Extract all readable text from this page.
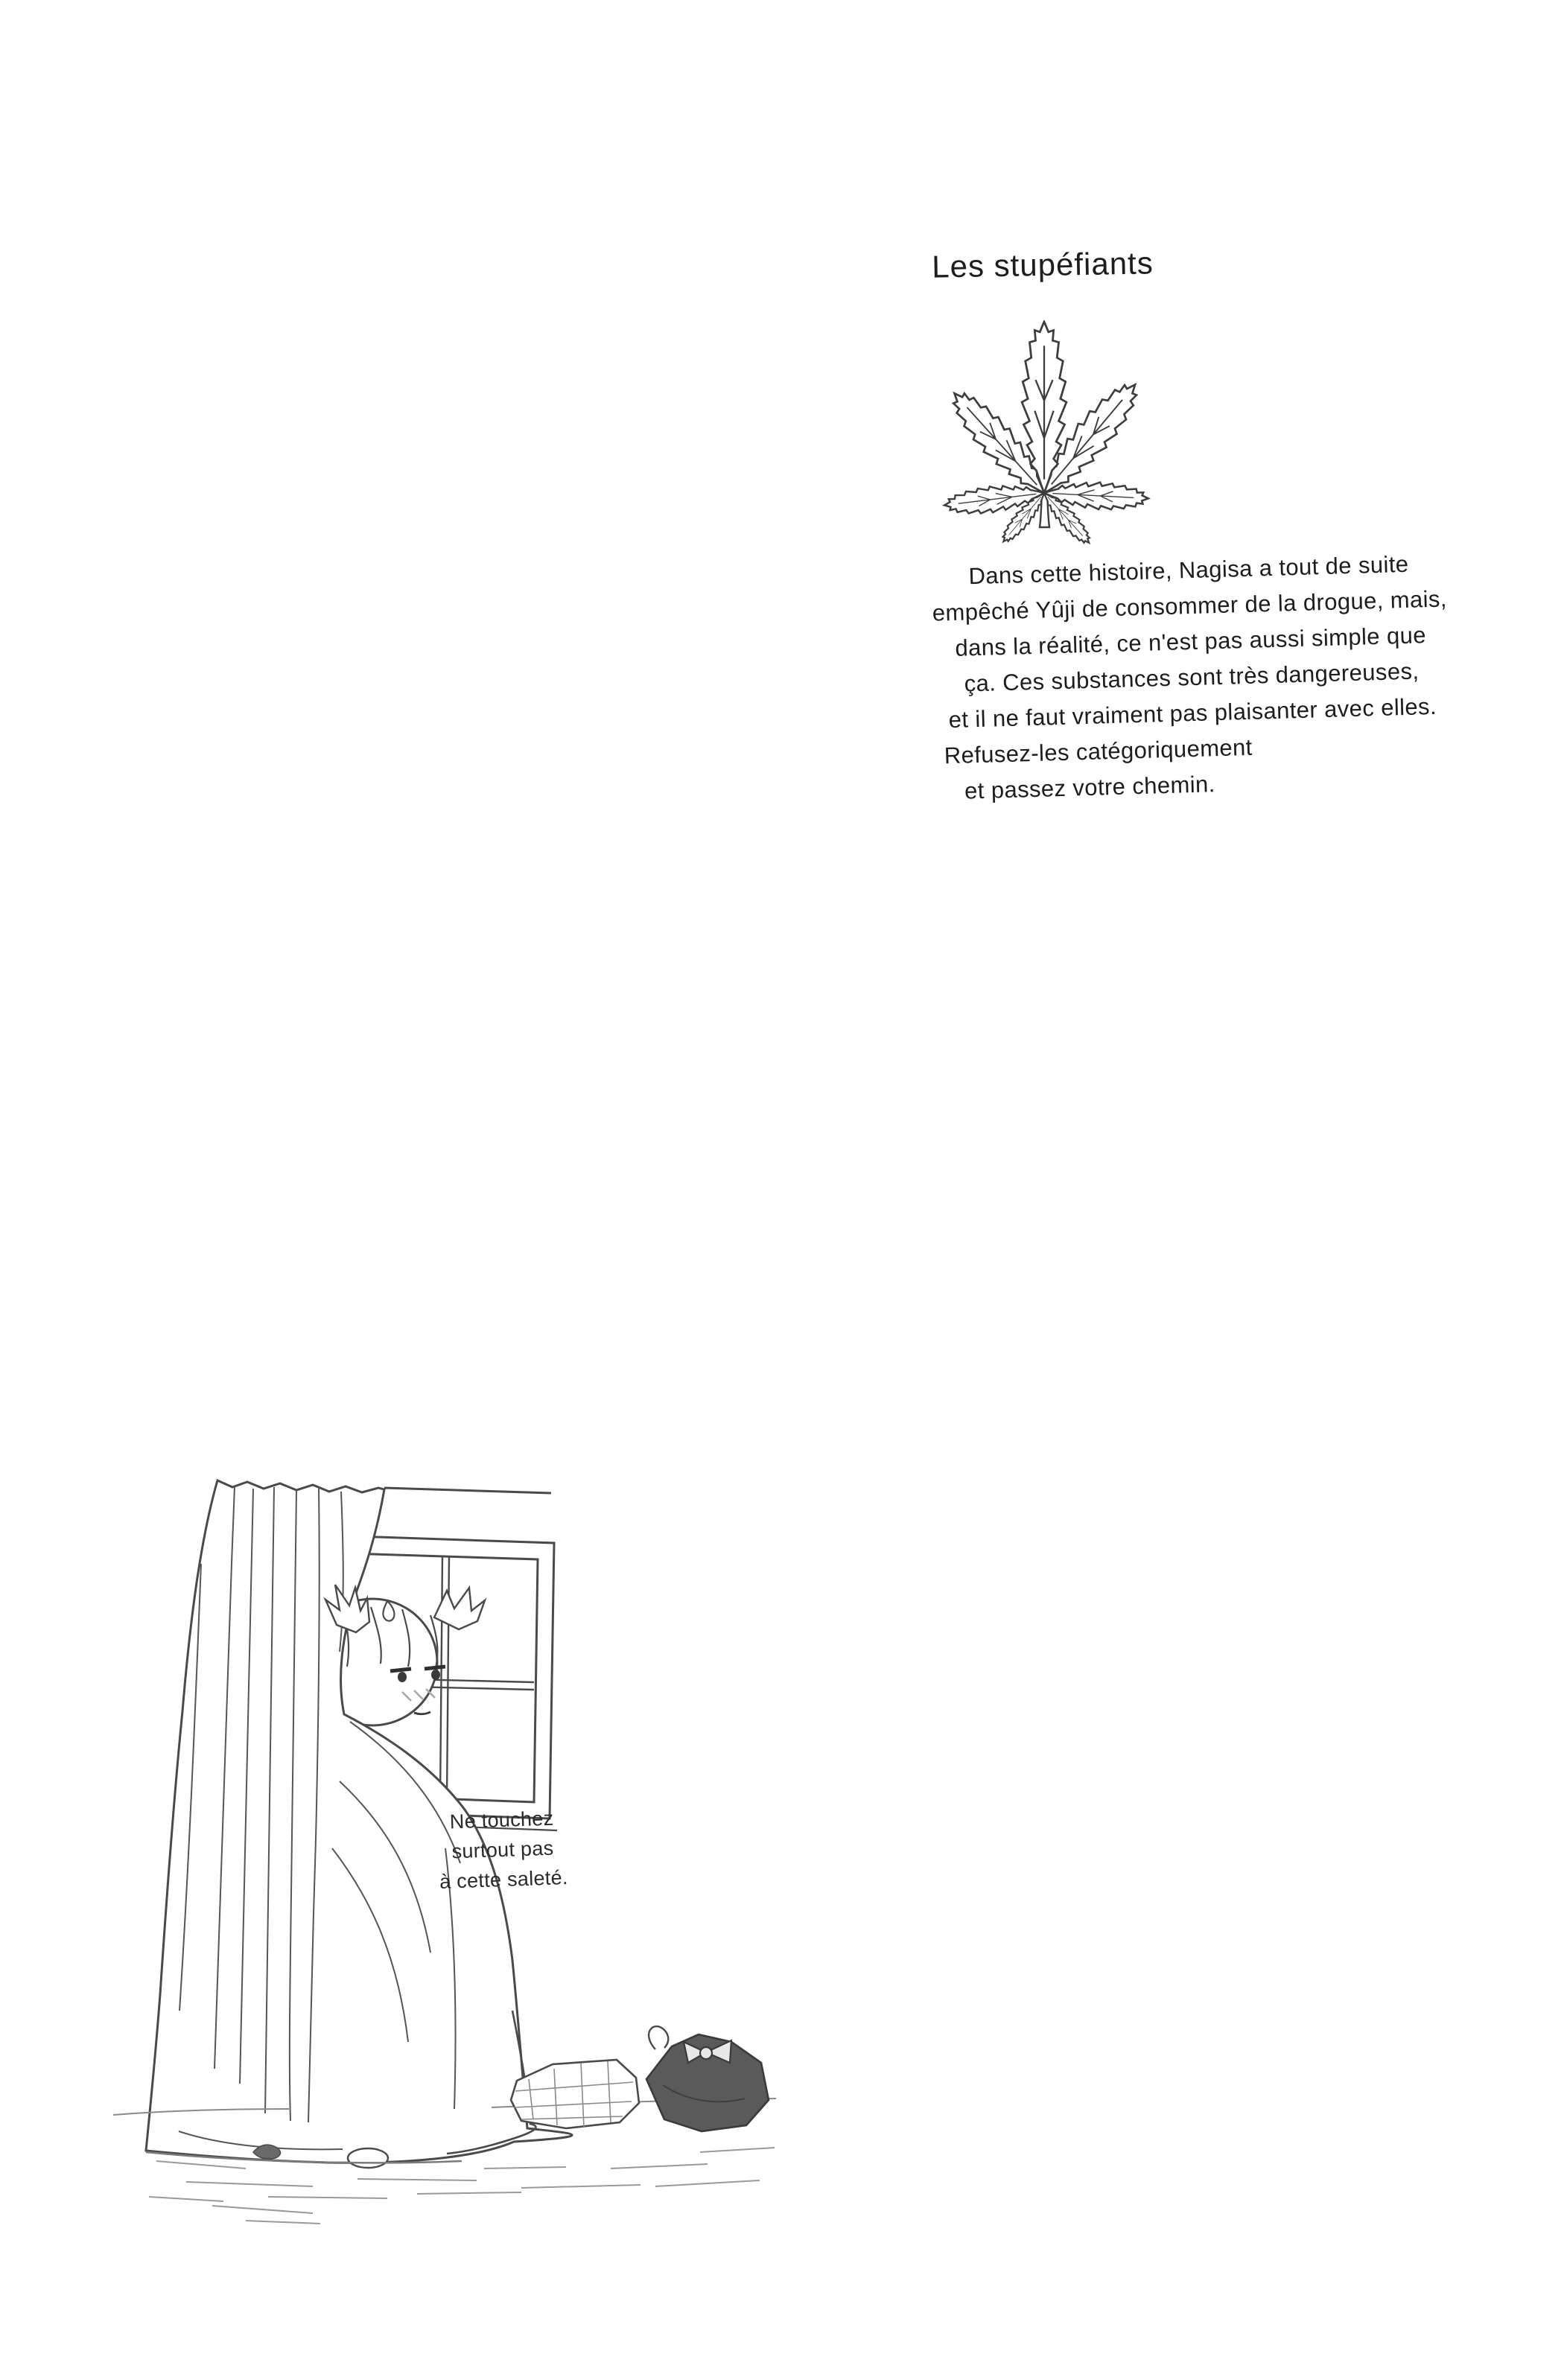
Les stupéfiants
Dans cette histoire, Nagisa a tout de suite
empêché Yûji de consommer de la drogue, mais,
dans la réalité, ce n'est pas aussi simple que
ça. Ces substances sont très dangereuses,
et il ne faut vraiment pas plaisanter avec elles.
Refusez-les catégoriquement
et passez votre chemin.
Ne touchez
surtout pas
à cette saleté.
